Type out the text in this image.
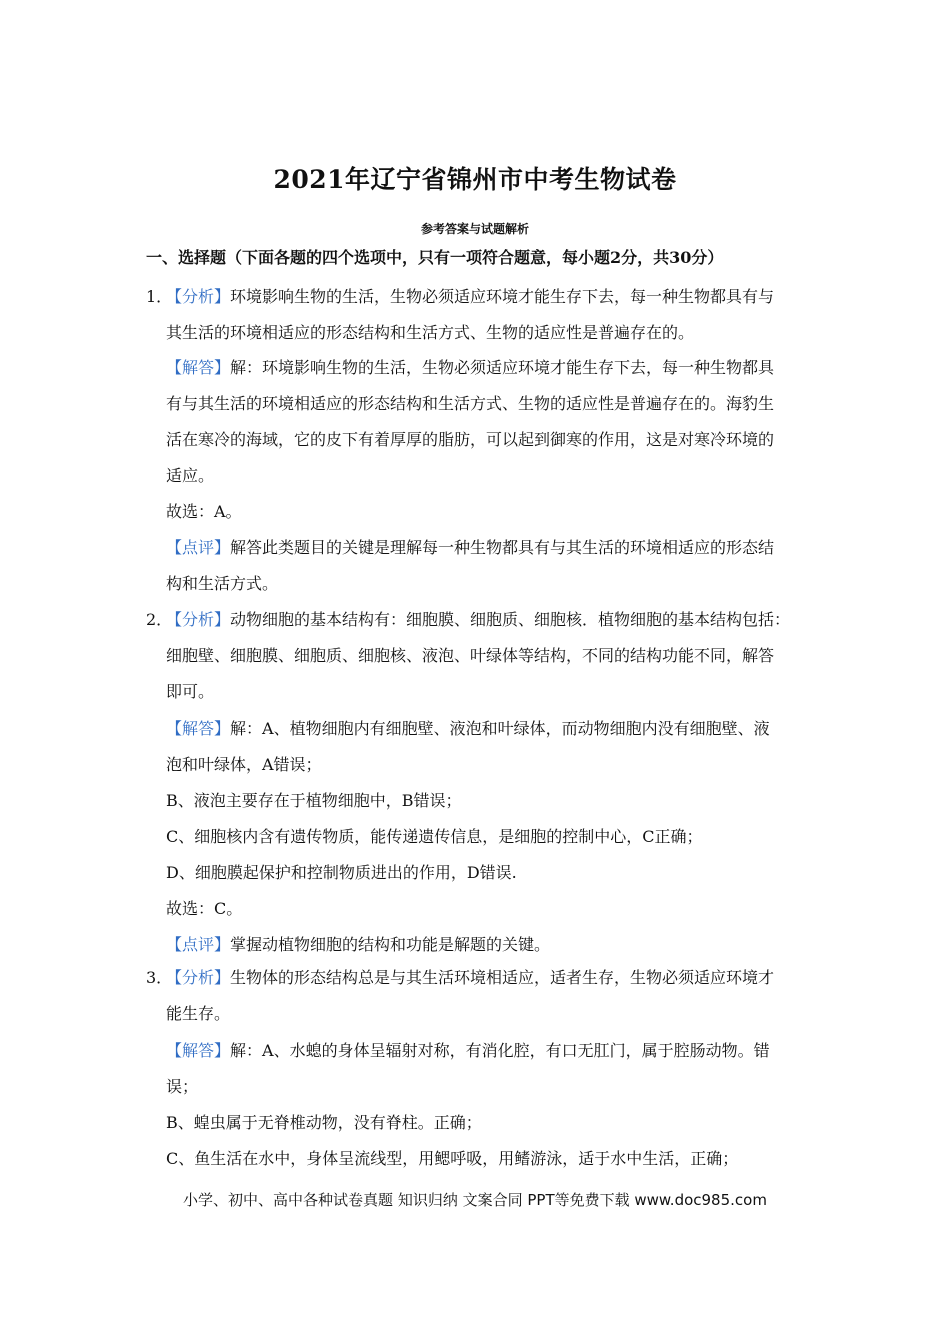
2021年辽宁省锦州市中考生物试卷
参考答案与试题解析
一、选择题（下面各题的四个选项中，只有一项符合题意，每小题2分，共30分）
1．
【分析】环境影响生物的生活，生物必须适应环境才能生存下去，每一种生物都具有与
其生活的环境相适应的形态结构和生活方式、生物的适应性是普遍存在的。
【解答】解：环境影响生物的生活，生物必须适应环境才能生存下去，每一种生物都具
有与其生活的环境相适应的形态结构和生活方式、生物的适应性是普遍存在的。海豹生
活在寒冷的海域，它的皮下有着厚厚的脂肪，可以起到御寒的作用，这是对寒冷环境的
适应。
故选：A。
【点评】解答此类题目的关键是理解每一种生物都具有与其生活的环境相适应的形态结
构和生活方式。
2．
【分析】动物细胞的基本结构有：细胞膜、细胞质、细胞核．植物细胞的基本结构包括：
细胞壁、细胞膜、细胞质、细胞核、液泡、叶绿体等结构，不同的结构功能不同，解答
即可。
【解答】解：A、植物细胞内有细胞壁、液泡和叶绿体，而动物细胞内没有细胞壁、液
泡和叶绿体，A错误；
B、液泡主要存在于植物细胞中，B错误；
C、细胞核内含有遗传物质，能传递遗传信息，是细胞的控制中心，C正确；
D、细胞膜起保护和控制物质进出的作用，D错误.
故选：C。
【点评】掌握动植物细胞的结构和功能是解题的关键。
3．
【分析】生物体的形态结构总是与其生活环境相适应，适者生存，生物必须适应环境才
能生存。
【解答】解：A、水螅的身体呈辐射对称，有消化腔，有口无肛门，属于腔肠动物。错
误；
B、蝗虫属于无脊椎动物，没有脊柱。正确；
C、鱼生活在水中，身体呈流线型，用鳃呼吸，用鳍游泳，适于水中生活，正确；
小学、初中、高中各种试卷真题 知识归纳 文案合同 PPT等免费下载 www.doc985.com
